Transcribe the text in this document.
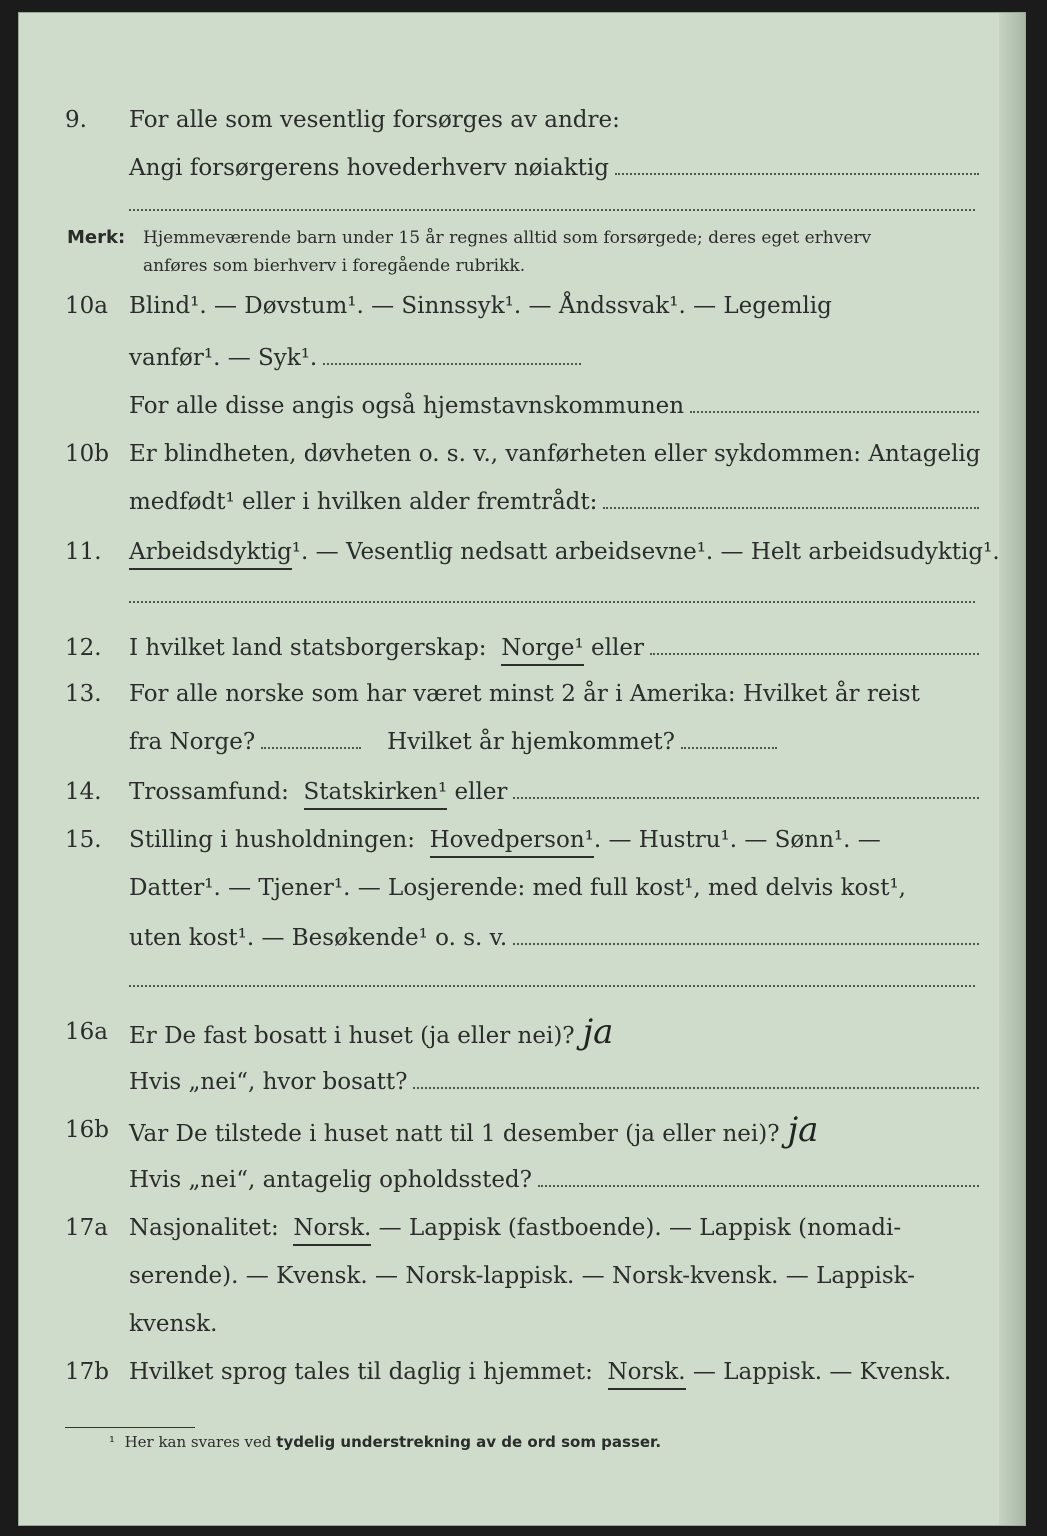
9.	For alle som vesentlig forsørges av andre:
Angi forsørgerens hovederhverv nøiaktig
Merk: Hjemmeværende barn under 15 år regnes alltid som forsørgede; deres eget erhverv
anføres som bierhverv i foregående rubrikk.
10a Blind¹. — Døvstum¹. — Sinnssyk¹. — Åndssvak¹. — Legemlig
vanfør¹. — Syk¹.
For alle disse angis også hjemstavnskommunen
10b Er blindheten, døvheten o. s. v., vanførheten eller sykdommen: Antagelig
medfødt¹ eller i hvilken alder fremtrådt:
11.	Arbeidsdyktig ¹. — Vesentlig nedsatt arbeidsevne¹. — Helt arbeidsudyktig¹.
12.	I hvilket land statsborgerskap:
Norge¹
eller
13.	For alle norske som har været minst 2 år i Amerika: Hvilket år reist
fra Norge?	Hvilket år hjemkommet?
14.	Trossamfund:
Statskirken¹
eller
15.	Stilling i husholdningen:
Hovedperson¹ . — Hustru¹. — Sønn¹. —
Datter¹. — Tjener¹. — Losjerende: med full kost¹, med delvis kost¹,
uten kost¹. — Besøkende¹ o. s. v.
16a Er De fast bosatt i huset (ja eller nei)? ja
Hvis „nei“, hvor bosatt?
16b Var De tilstede i huset natt til 1 desember (ja eller nei)? ja
Hvis „nei“, antagelig opholdssted?
17a Nasjonalitet:
Norsk.
— Lappisk (fastboende). — Lappisk (nomadi-
serende). — Kvensk. — Norsk-lappisk. — Norsk-kvensk. — Lappisk-
kvensk.
17b Hvilket sprog tales til daglig i hjemmet:
Norsk.
— Lappisk. — Kvensk.
¹ Her kan svares ved tydelig understrekning av de ord som passer.
